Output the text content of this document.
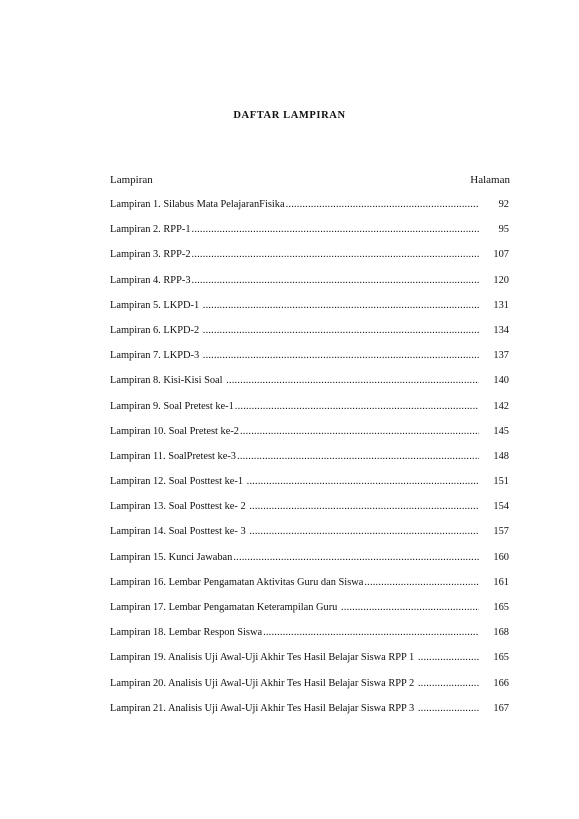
DAFTAR LAMPIRAN
Lampiran	Halaman
Lampiran 1. Silabus Mata PelajaranFisika .....	92
Lampiran 2. RPP-1 .....	95
Lampiran 3. RPP-2 .....	107
Lampiran 4. RPP-3 .....	120
Lampiran 5. LKPD-1 .....	131
Lampiran 6. LKPD-2 .....	134
Lampiran 7. LKPD-3 .....	137
Lampiran 8. Kisi-Kisi Soal .....	140
Lampiran 9. Soal Pretest ke-1 .....	142
Lampiran 10. Soal Pretest ke-2 .....	145
Lampiran 11. SoalPretest ke-3 .....	148
Lampiran 12. Soal Posttest ke-1 .....	151
Lampiran 13. Soal Posttest ke- 2 .....	154
Lampiran 14. Soal Posttest ke- 3 .....	157
Lampiran 15. Kunci Jawaban .....	160
Lampiran 16. Lembar Pengamatan Aktivitas Guru dan Siswa .....	161
Lampiran 17. Lembar Pengamatan Keterampilan Guru .....	165
Lampiran 18. Lembar Respon Siswa .....	168
Lampiran 19. Analisis Uji Awal-Uji Akhir Tes Hasil Belajar Siswa RPP 1 .....	165
Lampiran 20. Analisis Uji Awal-Uji Akhir Tes Hasil Belajar Siswa RPP 2 .....	166
Lampiran 21. Analisis Uji Awal-Uji Akhir Tes Hasil Belajar Siswa RPP 3 .....	167
